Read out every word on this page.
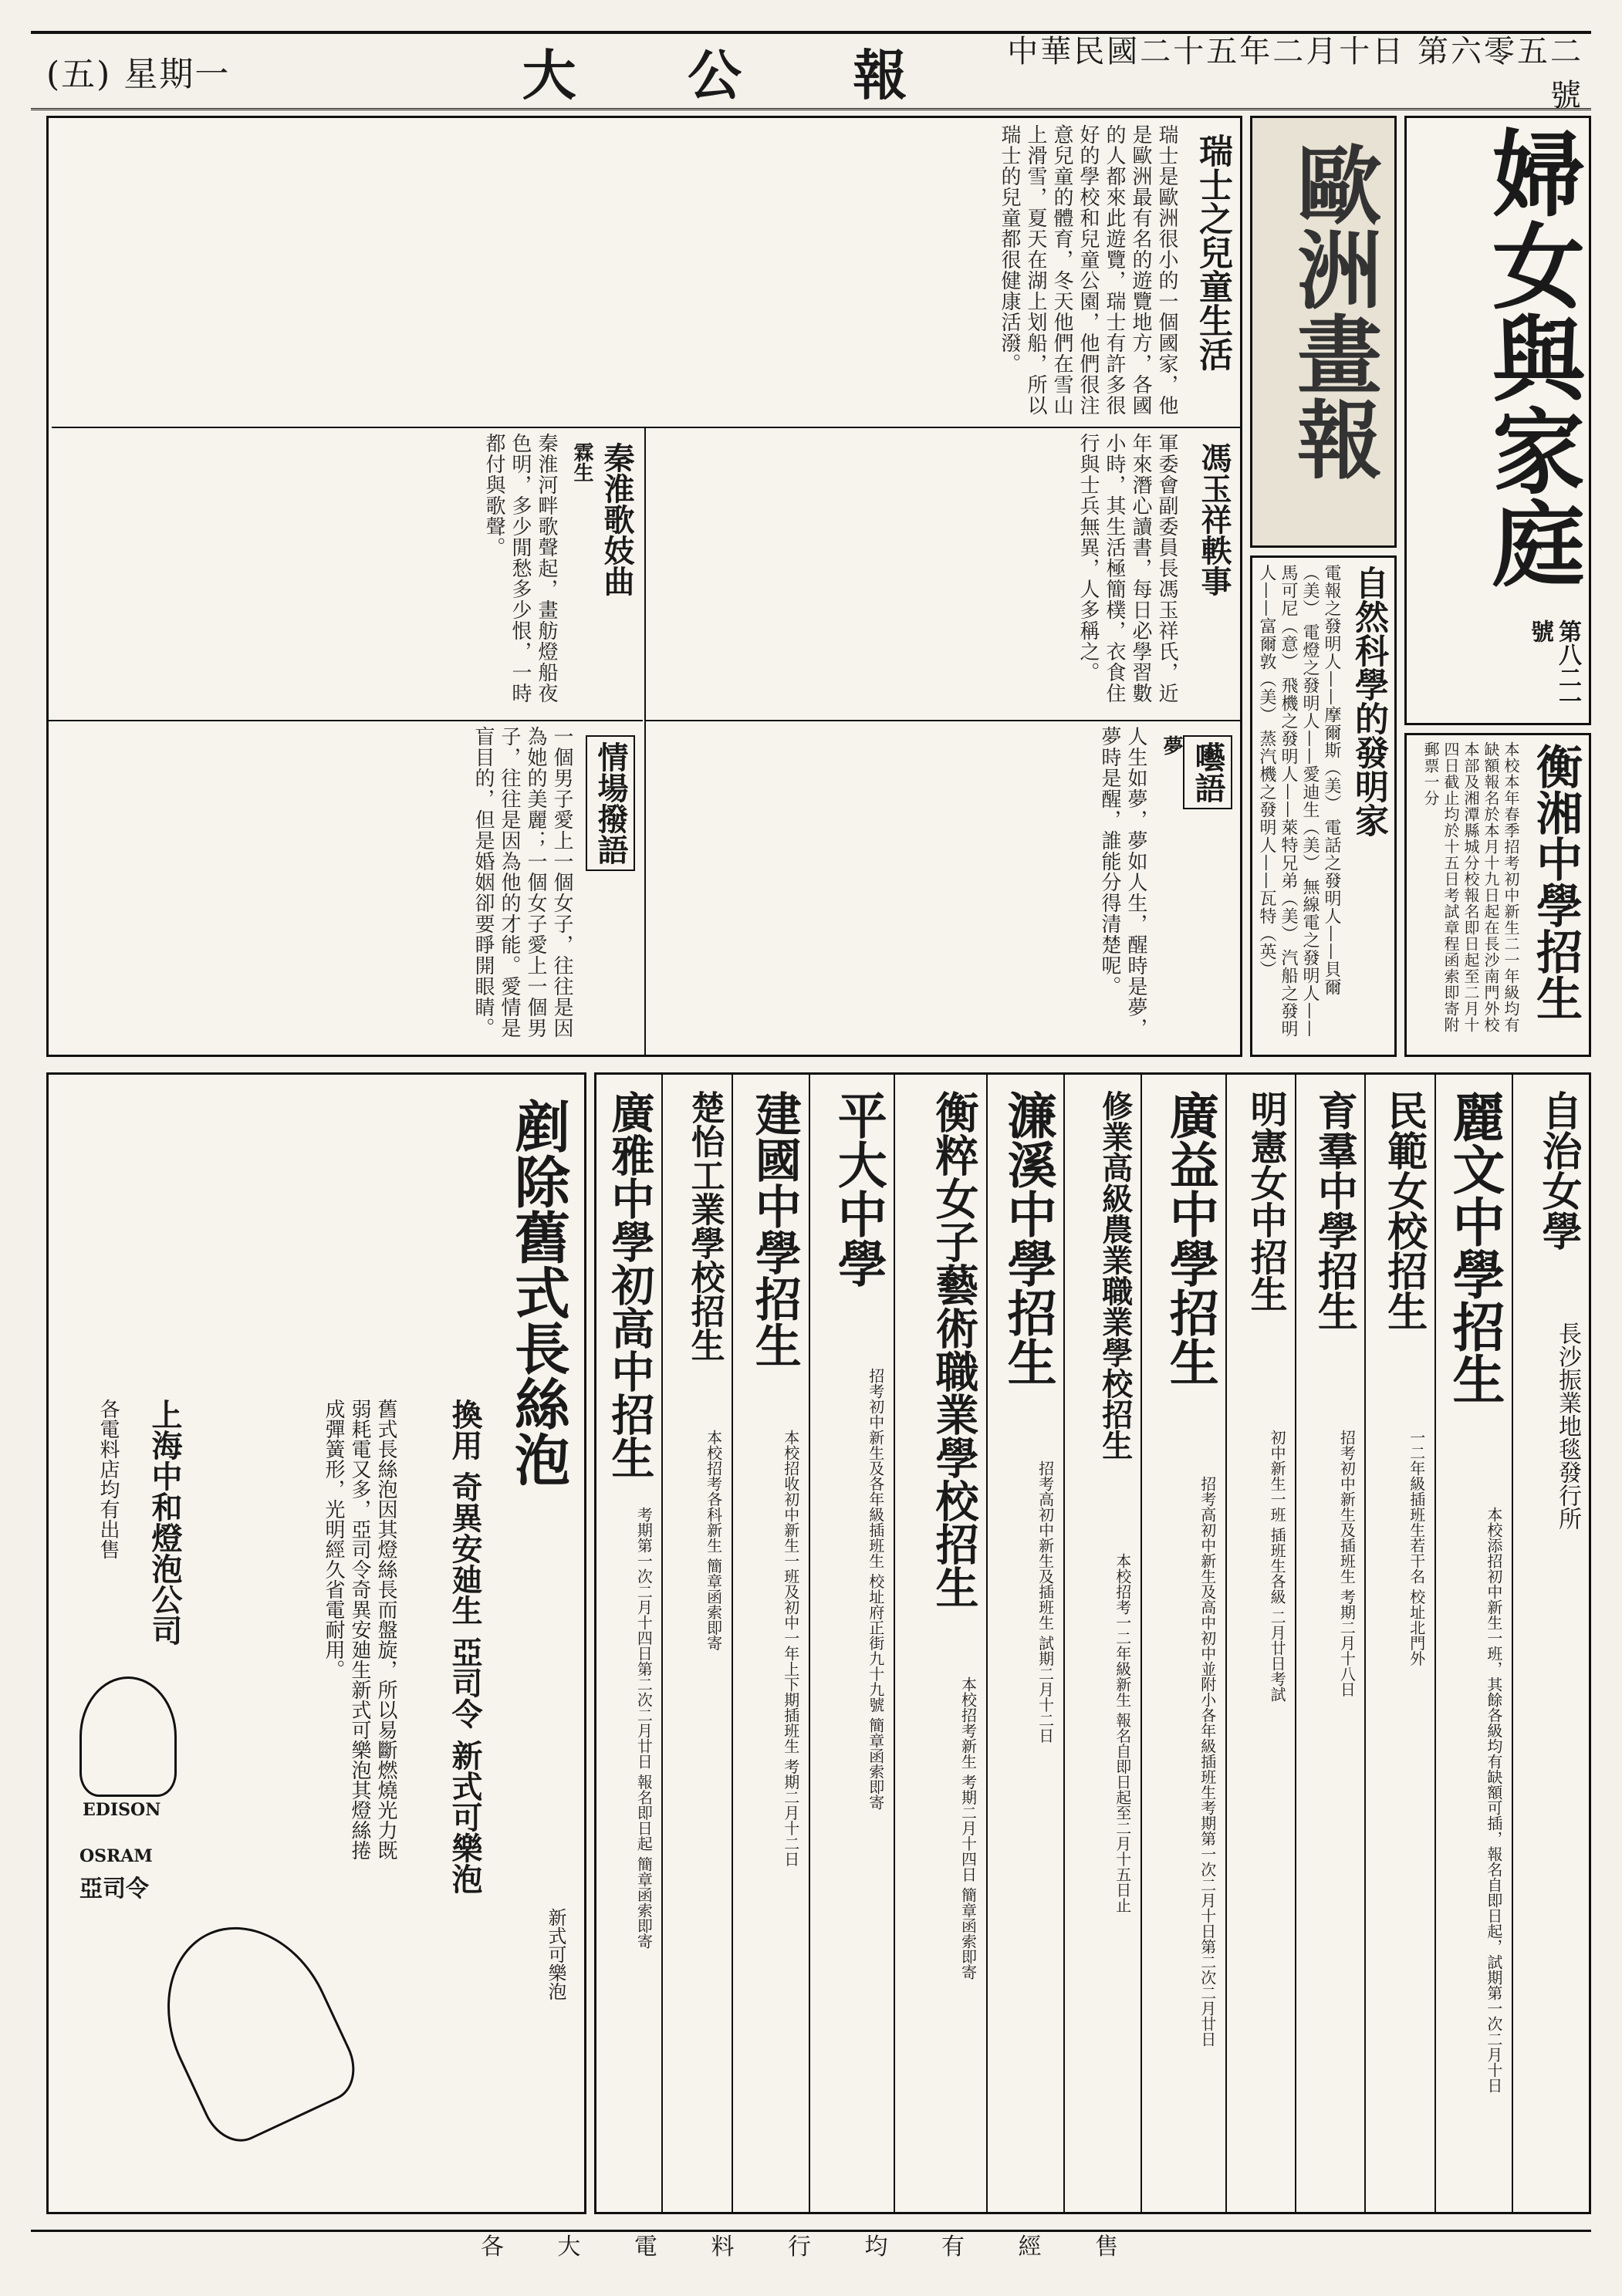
(五) 星期一	大 公 報	中華民國二十五年二月十日 第六零五二號
婦女與家庭
第八二一號
歐洲畫報
瑞士之兒童生活
瑞士是歐洲很小的一個國家，他是歐洲最有名的遊覽地方，各國的人都來此遊覽，瑞士有許多很好的學校和兒童公園，他們很注意兒童的體育，冬天他們在雪山上滑雪，夏天在湖上划船，所以瑞士的兒童都很健康活潑。
馮玉祥軼事
軍委會副委員長馮玉祥氏，近年來潛心讀書，每日必學習數小時，其生活極簡樸，衣食住行與士兵無異，人多稱之。
秦淮歌妓曲
霖生
秦淮河畔歌聲起，畫舫燈船夜色明，多少閒愁多少恨，一時都付與歌聲。
囈語
夢
人生如夢，夢如人生，醒時是夢，夢時是醒，誰能分得清楚呢。
情場撥語
一個男子愛上一個女子，往往是因為她的美麗；一個女子愛上一個男子，往往是因為他的才能。愛情是盲目的，但是婚姻卻要睜開眼睛。
自然科學的發明家
電報之發明人——摩爾斯（美） 電話之發明人——貝爾（美） 電燈之發明人——愛迪生（美） 無線電之發明人——馬可尼（意） 飛機之發明人——萊特兄弟（美） 汽船之發明人——富爾敦（美） 蒸汽機之發明人——瓦特（英）	衡湘中學招生
本校本年春季招考初中新生二一年級均有缺額報名於本月十九日起在長沙南門外校本部及湘潭縣城分校報名即日起至二月十四日截止均於十五日考試章程函索即寄附郵票一分
剷除舊式長絲泡
換用 奇異安廸生 亞司令 新式可樂泡
舊式長絲泡因其燈絲長而盤旋，所以易斷燃燒光力既弱耗電又多，亞司令奇異安廸生新式可樂泡其燈絲捲成彈簧形，光明經久省電耐用。
上海中和燈泡公司
各電料店均有出售
EDISON
OSRAM
亞司令
新式可樂泡
自治女學
長沙振業地毯發行所
麗文中學招生
本校添招初中新生一班，其餘各級均有缺額可插，報名自即日起，試期第一次二月十日
民範女校招生
一二年級插班生若干名 校址北門外
育羣中學招生
招考初中新生及插班生 考期二月十八日
明憲女中招生
初中新生一班 插班生各級 二月廿日考試
廣益中學招生
招考高初中新生及高中初中並附小各年級插班生考期第一次二月十日第二次二月廿日
修業高級農業職業學校招生
本校招考一二年級新生 報名自即日起至二月十五日止
濂溪中學招生
招考高初中新生及插班生 試期二月十二日
衡粹女子藝術職業學校招生
本校招考新生 考期二月十四日 簡章函索即寄
平大中學
招考初中新生及各年級插班生 校址府正街九十九號 簡章函索即寄
建國中學招生
本校招收初中新生一班及初中一年上下期插班生 考期二月十二日
楚怡工業學校招生
本校招考各科新生 簡章函索即寄
廣雅中學初高中招生
考期第一次二月十四日第二次二月廿日 報名即日起 簡章函索即寄
各 大 電 料 行 均 有 經 售
